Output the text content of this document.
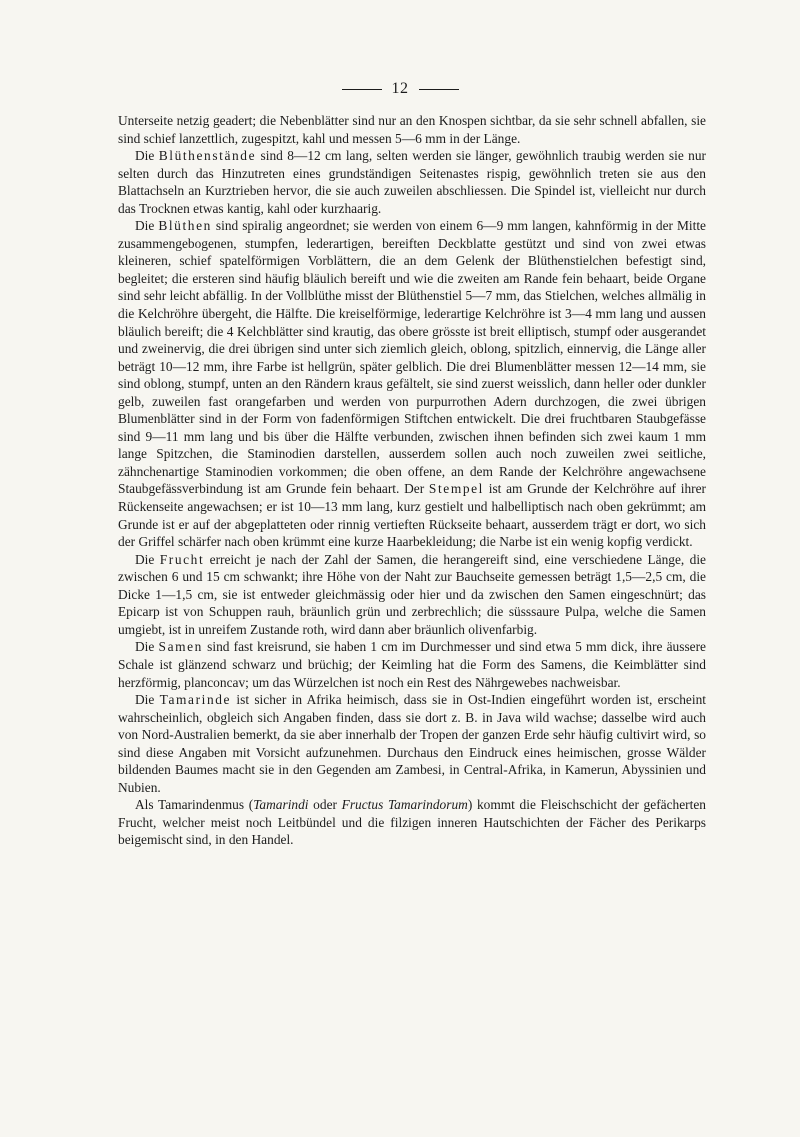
12

Unterseite netzig geadert; die Nebenblätter sind nur an den Knospen sichtbar, da sie sehr schnell abfallen, sie sind schief lanzettlich, zugespitzt, kahl und messen 5—6 mm in der Länge.

Die Blüthenstände sind 8—12 cm lang, selten werden sie länger, gewöhnlich traubig werden sie nur selten durch das Hinzutreten eines grundständigen Seitenastes rispig, gewöhnlich treten sie aus den Blattachseln an Kurztrieben hervor, die sie auch zuweilen abschliessen. Die Spindel ist, vielleicht nur durch das Trocknen etwas kantig, kahl oder kurzhaarig.

Die Blüthen sind spiralig angeordnet; sie werden von einem 6—9 mm langen, kahnförmig in der Mitte zusammengebogenen, stumpfen, lederartigen, bereiften Deckblatte gestützt und sind von zwei etwas kleineren, schief spatelförmigen Vorblättern, die an dem Gelenk der Blüthenstielchen befestigt sind, begleitet; die ersteren sind häufig bläulich bereift und wie die zweiten am Rande fein behaart, beide Organe sind sehr leicht abfällig. In der Vollblüthe misst der Blüthenstiel 5—7 mm, das Stielchen, welches allmälig in die Kelchröhre übergeht, die Hälfte. Die kreiselförmige, lederartige Kelchröhre ist 3—4 mm lang und aussen bläulich bereift; die 4 Kelchblätter sind krautig, das obere grösste ist breit elliptisch, stumpf oder ausgerandet und zweinervig, die drei übrigen sind unter sich ziemlich gleich, oblong, spitzlich, einnervig, die Länge aller beträgt 10—12 mm, ihre Farbe ist hellgrün, später gelblich. Die drei Blumenblätter messen 12—14 mm, sie sind oblong, stumpf, unten an den Rändern kraus gefältelt, sie sind zuerst weisslich, dann heller oder dunkler gelb, zuweilen fast orangefarben und werden von purpurrothen Adern durchzogen, die zwei übrigen Blumenblätter sind in der Form von fadenförmigen Stiftchen entwickelt. Die drei fruchtbaren Staubgefässe sind 9—11 mm lang und bis über die Hälfte verbunden, zwischen ihnen befinden sich zwei kaum 1 mm lange Spitzchen, die Staminodien darstellen, ausserdem sollen auch noch zuweilen zwei seitliche, zähnchenartige Staminodien vorkommen; die oben offene, an dem Rande der Kelchröhre angewachsene Staubgefässverbindung ist am Grunde fein behaart. Der Stempel ist am Grunde der Kelchröhre auf ihrer Rückenseite angewachsen; er ist 10—13 mm lang, kurz gestielt und halbelliptisch nach oben gekrümmt; am Grunde ist er auf der abgeplatteten oder rinnig vertieften Rückseite behaart, ausserdem trägt er dort, wo sich der Griffel schärfer nach oben krümmt eine kurze Haarbekleidung; die Narbe ist ein wenig kopfig verdickt.

Die Frucht erreicht je nach der Zahl der Samen, die herangereift sind, eine verschiedene Länge, die zwischen 6 und 15 cm schwankt; ihre Höhe von der Naht zur Bauchseite gemessen beträgt 1,5—2,5 cm, die Dicke 1—1,5 cm, sie ist entweder gleichmässig oder hier und da zwischen den Samen eingeschnürt; das Epicarp ist von Schuppen rauh, bräunlich grün und zerbrechlich; die süsssaure Pulpa, welche die Samen umgiebt, ist in unreifem Zustande roth, wird dann aber bräunlich olivenfarbig.

Die Samen sind fast kreisrund, sie haben 1 cm im Durchmesser und sind etwa 5 mm dick, ihre äussere Schale ist glänzend schwarz und brüchig; der Keimling hat die Form des Samens, die Keimblätter sind herzförmig, planconcav; um das Würzelchen ist noch ein Rest des Nährgewebes nachweisbar.

Die Tamarinde ist sicher in Afrika heimisch, dass sie in Ost-Indien eingeführt worden ist, erscheint wahrscheinlich, obgleich sich Angaben finden, dass sie dort z. B. in Java wild wachse; dasselbe wird auch von Nord-Australien bemerkt, da sie aber innerhalb der Tropen der ganzen Erde sehr häufig cultivirt wird, so sind diese Angaben mit Vorsicht aufzunehmen. Durchaus den Eindruck eines heimischen, grosse Wälder bildenden Baumes macht sie in den Gegenden am Zambesi, in Central-Afrika, in Kamerun, Abyssinien und Nubien.

Als Tamarindenmus (Tamarindi oder Fructus Tamarindorum) kommt die Fleischschicht der gefächerten Frucht, welcher meist noch Leitbündel und die filzigen inneren Hautschichten der Fächer des Perikarps beigemischt sind, in den Handel.
